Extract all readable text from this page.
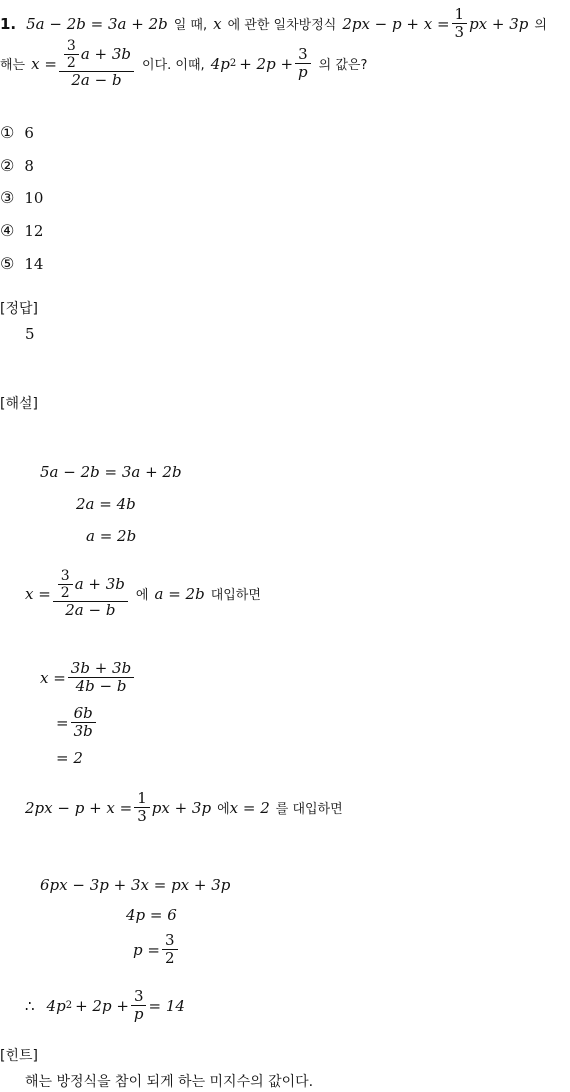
1. 5a − 2b = 3a + 2b 일 때, x 에 관한 일차방정식 $2px - p + x = \frac{1}{3}$ px + 3p 의
해는 $x = \frac{\frac{3}{2} a + 3b}{2a - b}$ 이다. 이때, 4p $2 + 2p + \frac{3}{p}$ 의 값은?
① 6
② 8
③ 10
④ 12
⑤ 14
[정답]
5
[해설]
5a − 2b = 3a + 2b
2a = 4b
a = 2b
$x = \frac{\frac{3}{2} a + 3b}{2a - b}$ 에 a = 2b 대입하면
$x = \frac{3b + 3b}{4b - b}$
= $\frac{6b}{3b}$
= 2
$2px - p + x = \frac{1}{3}$ px + 3p 에 x = 2 를 대입하면
6px − 3p + 3x = px + 3p
4p = 6
$p = \frac{3}{2}$
∴ 4p $2 + 2p + \frac{3}{p} = 14$
[힌트]
해는 방정식을 참이 되게 하는 미지수의 값이다.
